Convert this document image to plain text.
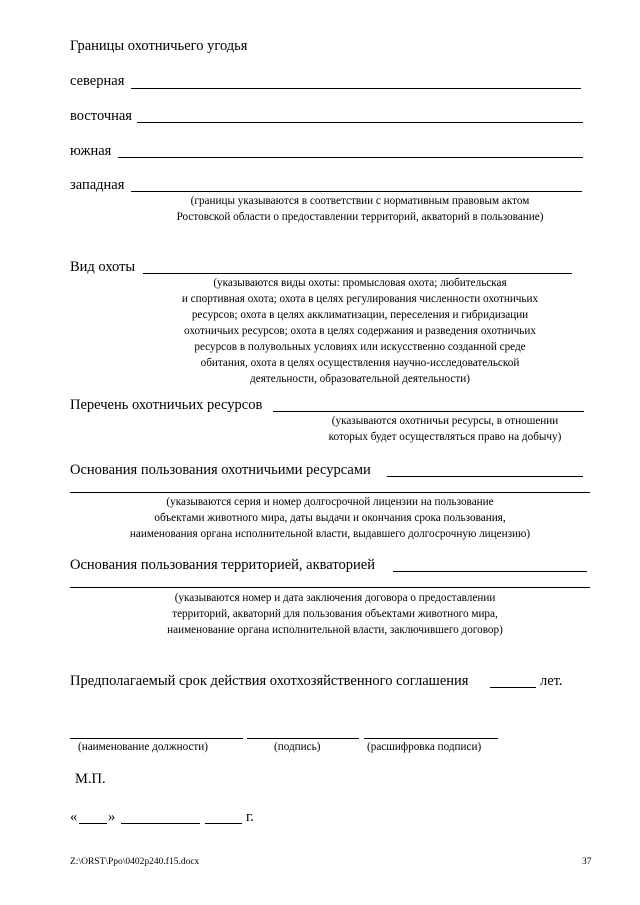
Границы охотничьего угодья
северная
восточная
южная
западная
(границы указываются в соответствии с нормативным правовым актом
Ростовской области о предоставлении территорий, акваторий в пользование)
Вид охоты
(указываются виды охоты: промысловая охота; любительская
и спортивная охота; охота в целях регулирования численности охотничьих
ресурсов; охота в целях акклиматизации, переселения и гибридизации
охотничьих ресурсов; охота в целях содержания и разведения охотничьих
ресурсов в полувольных условиях или искусственно созданной среде
обитания, охота в целях осуществления научно-исследовательской
деятельности, образовательной деятельности)
Перечень охотничьих ресурсов
(указываются охотничьи ресурсы, в отношении
которых будет осуществляться право на добычу)
Основания пользования охотничьими ресурсами
(указываются серия и номер долгосрочной лицензии на пользование
объектами животного мира, даты выдачи и окончания срока пользования,
наименования органа исполнительной власти, выдавшего долгосрочную лицензию)
Основания пользования территорией, акваторией
(указываются номер и дата заключения договора о предоставлении
территорий, акваторий для пользования объектами животного мира,
наименование органа исполнительной власти, заключившего договор)
Предполагаемый срок действия охотхозяйственного соглашения	лет.
(наименование должности)	(подпись)	(расшифровка подписи)
М.П.
« »	г.
Z:\ORST\Ppo\0402p240.f15.docx	37
